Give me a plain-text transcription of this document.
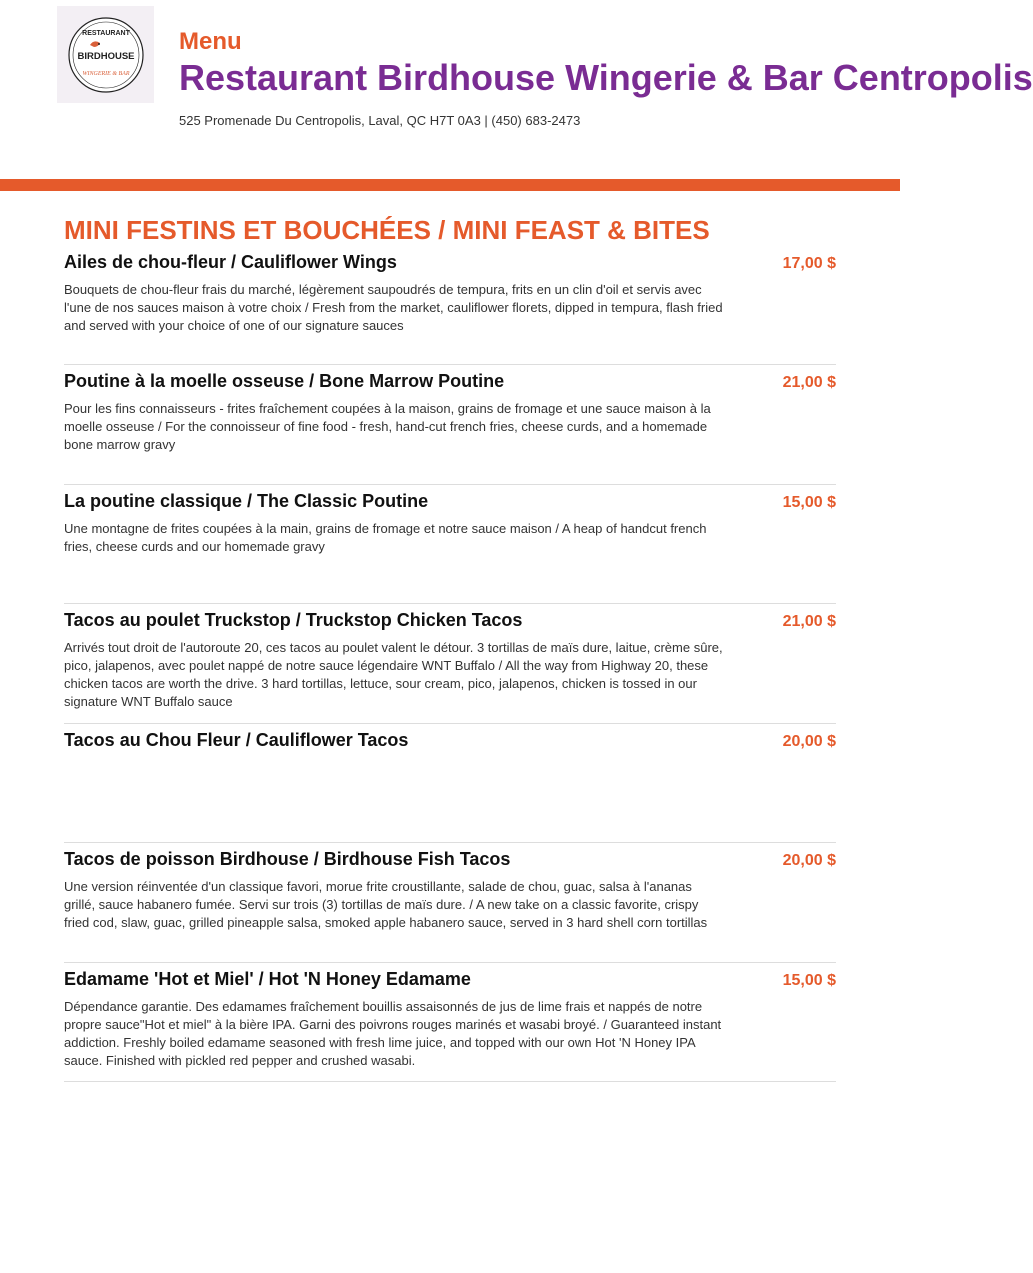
RESTAURANT
BIRDHOUSE
WINGERIE & BAR
Menu
Restaurant Birdhouse Wingerie & Bar Centropolis
525 Promenade Du Centropolis, Laval, QC H7T 0A3 | (450) 683-2473
MINI FESTINS ET BOUCHÉES / MINI FEAST & BITES
Ailes de chou-fleur / Cauliflower Wings	17,00 $
Bouquets de chou-fleur frais du marché, légèrement saupoudrés de tempura, frits en un clin d'oil et servis avec l'une de nos sauces maison à votre choix / Fresh from the market, cauliflower florets, dipped in tempura, flash fried and served with your choice of one of our signature sauces
Poutine à la moelle osseuse / Bone Marrow Poutine	21,00 $
Pour les fins connaisseurs - frites fraîchement coupées à la maison, grains de fromage et une sauce maison à la moelle osseuse / For the connoisseur of fine food - fresh, hand-cut french fries, cheese curds, and a homemade bone marrow gravy
La poutine classique / The Classic Poutine	15,00 $
Une montagne de frites coupées à la main, grains de fromage et notre sauce maison / A heap of handcut french fries, cheese curds and our homemade gravy
Tacos au poulet Truckstop / Truckstop Chicken Tacos	21,00 $
Arrivés tout droit de l'autoroute 20, ces tacos au poulet valent le détour. 3 tortillas de maïs dure, laitue, crème sûre, pico, jalapenos, avec poulet nappé de notre sauce légendaire WNT Buffalo / All the way from Highway 20, these chicken tacos are worth the drive. 3 hard tortillas, lettuce, sour cream, pico, jalapenos, chicken is tossed in our signature WNT Buffalo sauce
Tacos au Chou Fleur / Cauliflower Tacos	20,00 $
Tacos de poisson Birdhouse / Birdhouse Fish Tacos	20,00 $
Une version réinventée d'un classique favori, morue frite croustillante, salade de chou, guac, salsa à l'ananas grillé, sauce habanero fumée. Servi sur trois (3) tortillas de maïs dure. / A new take on a classic favorite, crispy fried cod, slaw, guac, grilled pineapple salsa, smoked apple habanero sauce, served in 3 hard shell corn tortillas
Edamame 'Hot et Miel' / Hot 'N Honey Edamame	15,00 $
Dépendance garantie. Des edamames fraîchement bouillis assaisonnés de jus de lime frais et nappés de notre propre sauce"Hot et miel" à la bière IPA. Garni des poivrons rouges marinés et wasabi broyé. / Guaranteed instant addiction. Freshly boiled edamame seasoned with fresh lime juice, and topped with our own Hot 'N Honey IPA sauce. Finished with pickled red pepper and crushed wasabi.
